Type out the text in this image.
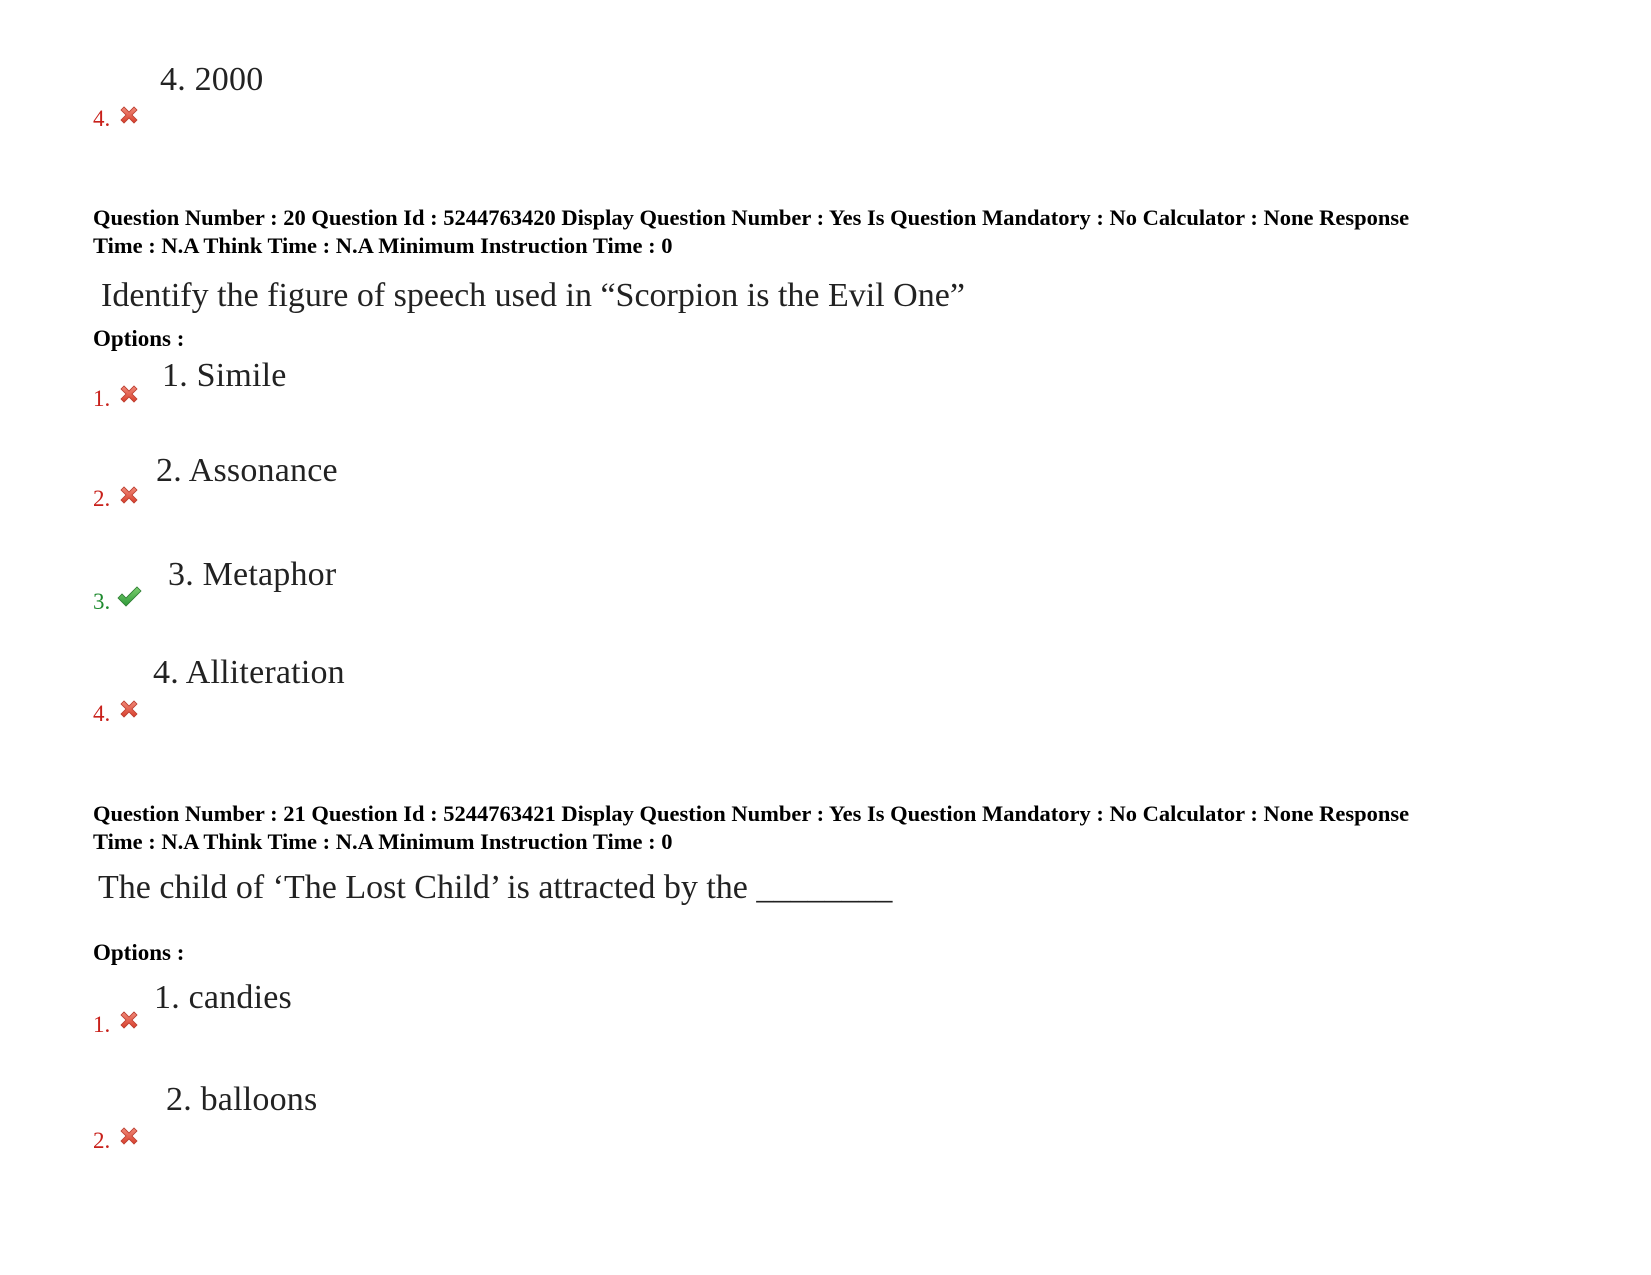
4. 2000
4.
Question Number : 20 Question Id : 5244763420 Display Question Number : Yes Is Question Mandatory : No Calculator : None Response
Time : N.A Think Time : N.A Minimum Instruction Time : 0
Identify the figure of speech used in “Scorpion is the Evil One”
Options :
1. Simile
1.
2. Assonance
2.
3. Metaphor
3.
4. Alliteration
4.
Question Number : 21 Question Id : 5244763421 Display Question Number : Yes Is Question Mandatory : No Calculator : None Response
Time : N.A Think Time : N.A Minimum Instruction Time : 0
The child of ‘The Lost Child’ is attracted by the ________
Options :
1. candies
1.
2. balloons
2.
